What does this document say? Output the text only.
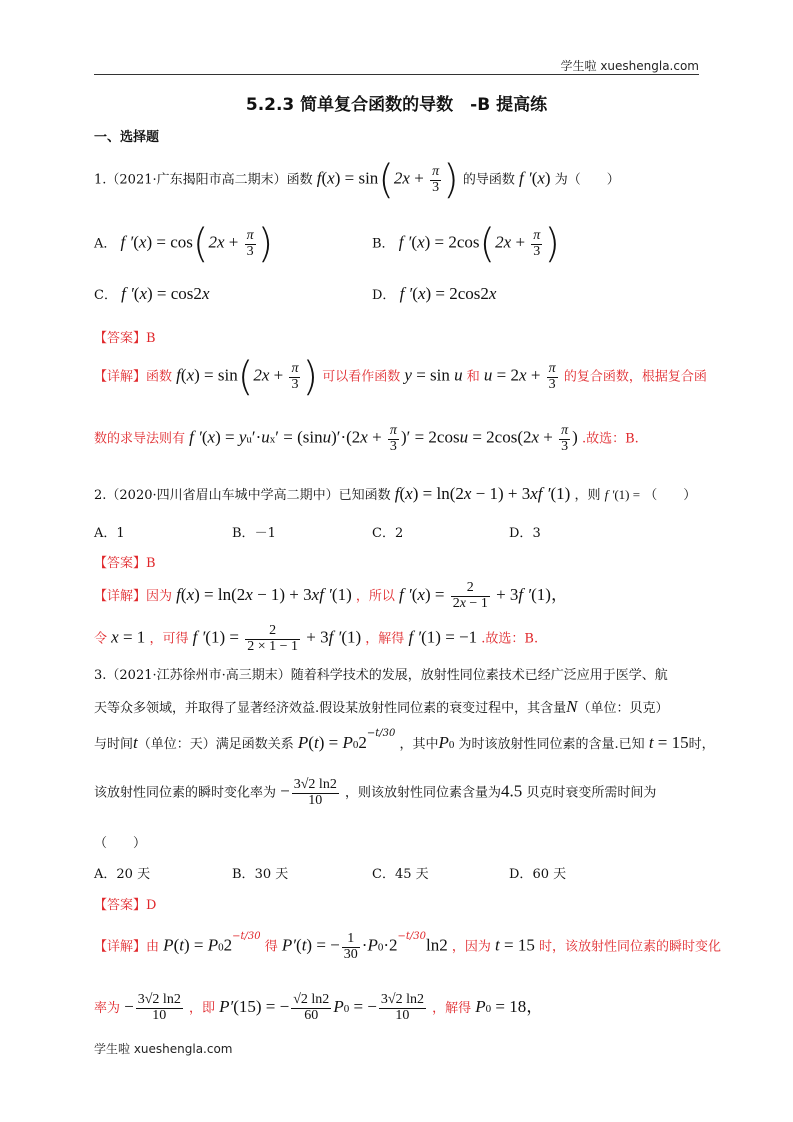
学生啦 xueshengla.com
5.2.3 简单复合函数的导数　-B 提高练
一、选择题
1.（2021·广东揭阳市高二期末）函数 $f(x) = \sin(2x + \frac{\pi}{3}$ ) 的导函数 f ′(x) 为（　　）
A． f $'(x) = \cos(2x + \frac{\pi}{3}$ )	B． f $'(x) = 2\cos(2x + \frac{\pi}{3}$ )
C． f ′(x) = cos2x	D． f ′(x) = 2cos2x
【答案】B
【详解】函数 $f(x) = \sin(2x + \frac{\pi}{3}$ ) 可以看作函数 y = sin u 和 $u = 2x + \frac{\pi}{3}$ 的复合函数，根据复合函
数的求导法则有 f $'(x) = yu'\cdot ux' = (\sin u)'\cdot(2x + \frac{\pi}{3}$ )′ = $2\cos u = 2\cos(2x + \frac{\pi}{3}$ ) .故选：B.
2.（2020·四川省眉山车城中学高二期中）已知函数 f(x) = ln(2x − 1) + 3xf ′(1) ，则 f ′(1) = （　　）
A．1	B．－1	C．2	D．3
【答案】B
【详解】因为 f(x) = ln(2x − 1) + 3xf ′(1) ，所以 f $'(x) = \frac{2}{2x - 1} + 3f$ ′(1)，
令 x = 1 ，可得 f $'(1) = \frac{2}{2 \times 1 - 1} + 3f$ ′(1) ，解得 f ′(1) = −1 .故选：B.
3.（2021·江苏徐州市·高三期末）随着科学技术的发展，放射性同位素技术已经广泛应用于医学、航
天等众多领域，并取得了显著经济效益.假设某放射性同位素的衰变过程中，其含量N（单位：贝克）
与时间t（单位：天）满足函数关系 $P(t) = P02^{-t/30}$ ，其中P0 为时该放射性同位素的含量.已知 t = 15时，
该放射性同位素的瞬时变化率为 − $\frac{3√2 \ln 2}{10}$ ，则该放射性同位素含量为4.5 贝克时衰变所需时间为
（　　）
A．20 天	B．30 天	C．45 天	D．60 天
【答案】D
【详解】由 $P(t) = P02^{-t/30}$ 得 P′(t) = − $\frac{1}{30} \cdot P0\cdot 2^{-t/30}\ln 2$ ，因为 t = 15 时，该放射性同位素的瞬时变化
率为 − $\frac{3√2 \ln 2}{10}$ ，即 P′(15) = − $\frac{√2 \ln 2}{60} P0$ = − $\frac{3√2 \ln 2}{10}$ ，解得 P0 = 18，
学生啦 xueshengla.com
